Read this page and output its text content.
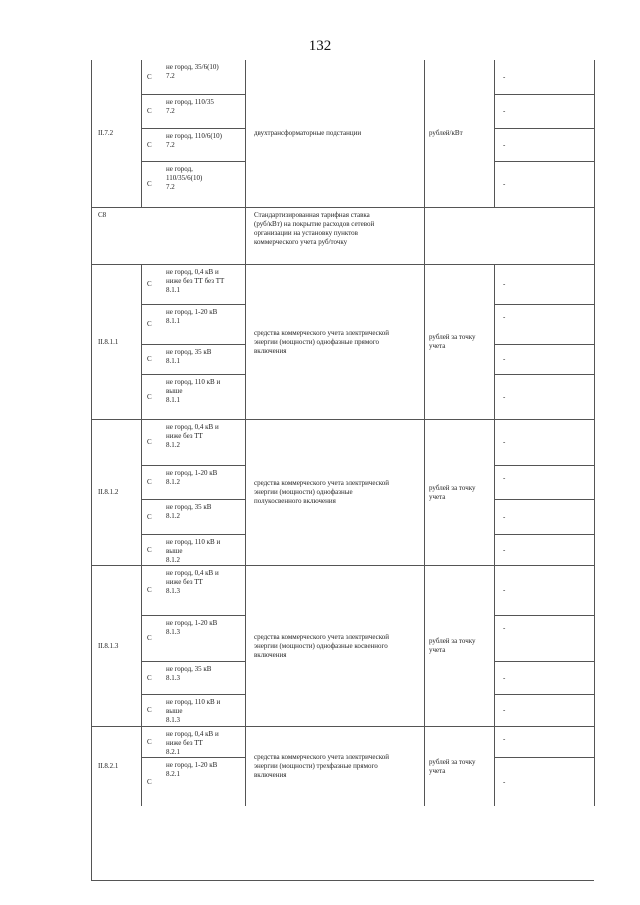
132
II.7.2
С
не город, 35/6(10)
7.2
С
не город, 110/35
7.2
С
не город, 110/6(10)
7.2
С
не город,
110/35/6(10)
7.2
двухтрансформаторные подстанции	рублей/кВт
-
-
-
-
С8	Стандартизированная тарифная ставка
(руб/кВт) на покрытие расходов сетевой
организации на установку пунктов
коммерческого учета руб/точку
II.8.1.1
С
не город, 0,4 кВ и
ниже без ТТ без ТТ
8.1.1
С
не город, 1-20 кВ
8.1.1
С
не город, 35 кВ
8.1.1
С
не город, 110 кВ и
выше
8.1.1
средства коммерческого учета электрической
энергии (мощности) однофазные прямого
включения
рублей за точку
учета
-
-
-
-
II.8.1.2
С
не город, 0,4 кВ и
ниже без ТТ
8.1.2
С
не город, 1-20 кВ
8.1.2
С
не город, 35 кВ
8.1.2
С
не город, 110 кВ и
выше
8.1.2
средства коммерческого учета электрической
энергии (мощности) однофазные
полукосвенного включения
рублей за точку
учета
-
-
-
-
II.8.1.3
С
не город, 0,4 кВ и
ниже без ТТ
8.1.3
С
не город, 1-20 кВ
8.1.3
С
не город, 35 кВ
8.1.3
С
не город, 110 кВ и
выше
8.1.3
средства коммерческого учета электрической
энергии (мощности) однофазные косвенного
включения
рублей за точку
учета
-
-
-
-
II.8.2.1
С
не город, 0,4 кВ и
ниже без ТТ
8.2.1
С
не город, 1-20 кВ
8.2.1
средства коммерческого учета электрической
энергии (мощности) трехфазные прямого
включения
рублей за точку
учета
-
-
